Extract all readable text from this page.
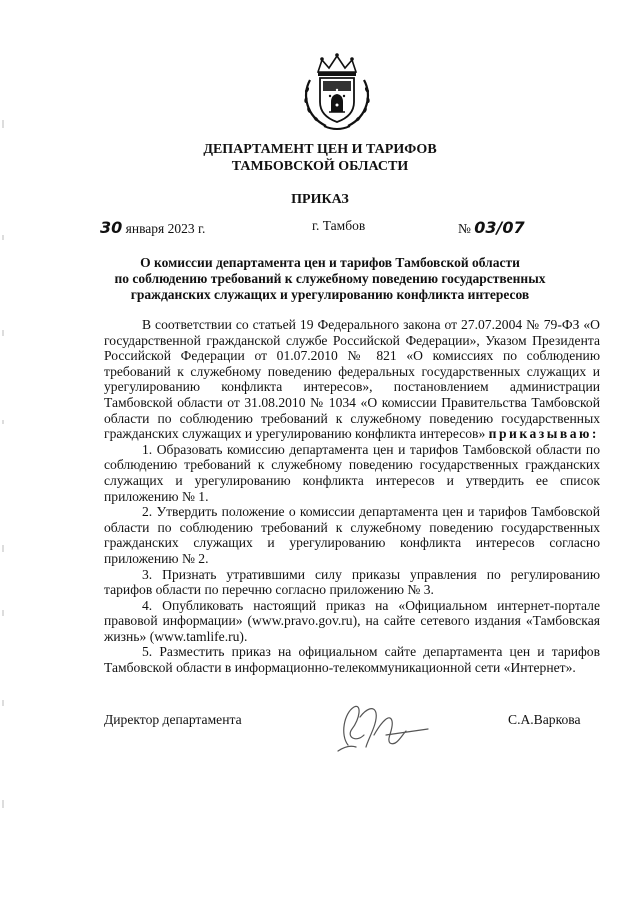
ДЕПАРТАМЕНТ ЦЕН И ТАРИФОВ
ТАМБОВСКОЙ ОБЛАСТИ
ПРИКАЗ
30 января 2023 г.	г. Тамбов	№ 03/07
О комиссии департамента цен и тарифов Тамбовской области
по соблюдению требований к служебному поведению государственных
гражданских служащих и урегулированию конфликта интересов

В соответствии со статьей 19 Федерального закона от 27.07.2004 № 79-ФЗ «О государственной гражданской службе Российской Федерации», Указом Президента Российской Федерации от 01.07.2010 № 821 «О комиссиях по соблюдению требований к служебному поведению федеральных государственных служащих и урегулированию конфликта интересов», постановлением администрации Тамбовской области от 31.08.2010 № 1034 «О комиссии Правительства Тамбовской области по соблюдению требований к служебному поведению государственных гражданских служащих и урегулированию конфликта интересов» приказываю:

1. Образовать комиссию департамента цен и тарифов Тамбовской области по соблюдению требований к служебному поведению государственных гражданских служащих и урегулированию конфликта интересов и утвердить ее список приложению № 1.

2. Утвердить положение о комиссии департамента цен и тарифов Тамбовской области по соблюдению требований к служебному поведению государственных гражданских служащих и урегулированию конфликта интересов согласно приложению № 2.

3. Признать утратившими силу приказы управления по регулированию тарифов области по перечню согласно приложению № 3.

4. Опубликовать настоящий приказ на «Официальном интернет-портале правовой информации» (www.pravo.gov.ru), на сайте сетевого издания «Тамбовская жизнь» (www.tamlife.ru).

5. Разместить приказ на официальном сайте департамента цен и тарифов Тамбовской области в информационно-телекоммуникационной сети «Интернет».

Директор департамента	С.А.Варкова
